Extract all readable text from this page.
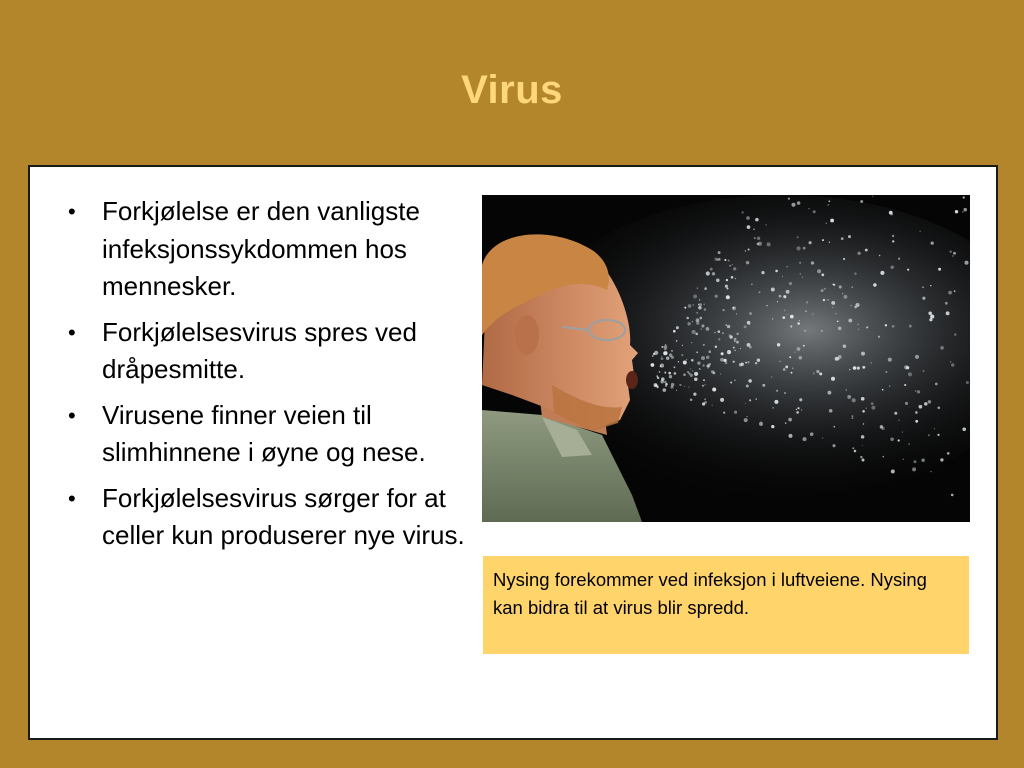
Virus
• Forkjølelse er den vanligste infeksjonssykdommen hos mennesker.
• Forkjølelsesvirus spres ved dråpesmitte.
• Virusene finner veien til slimhinnene i øyne og nese.
• Forkjølelsesvirus sørger for at celler kun produserer nye virus.
Nysing forekommer ved infeksjon i luftveiene. Nysing kan bidra til at virus blir spredd.
